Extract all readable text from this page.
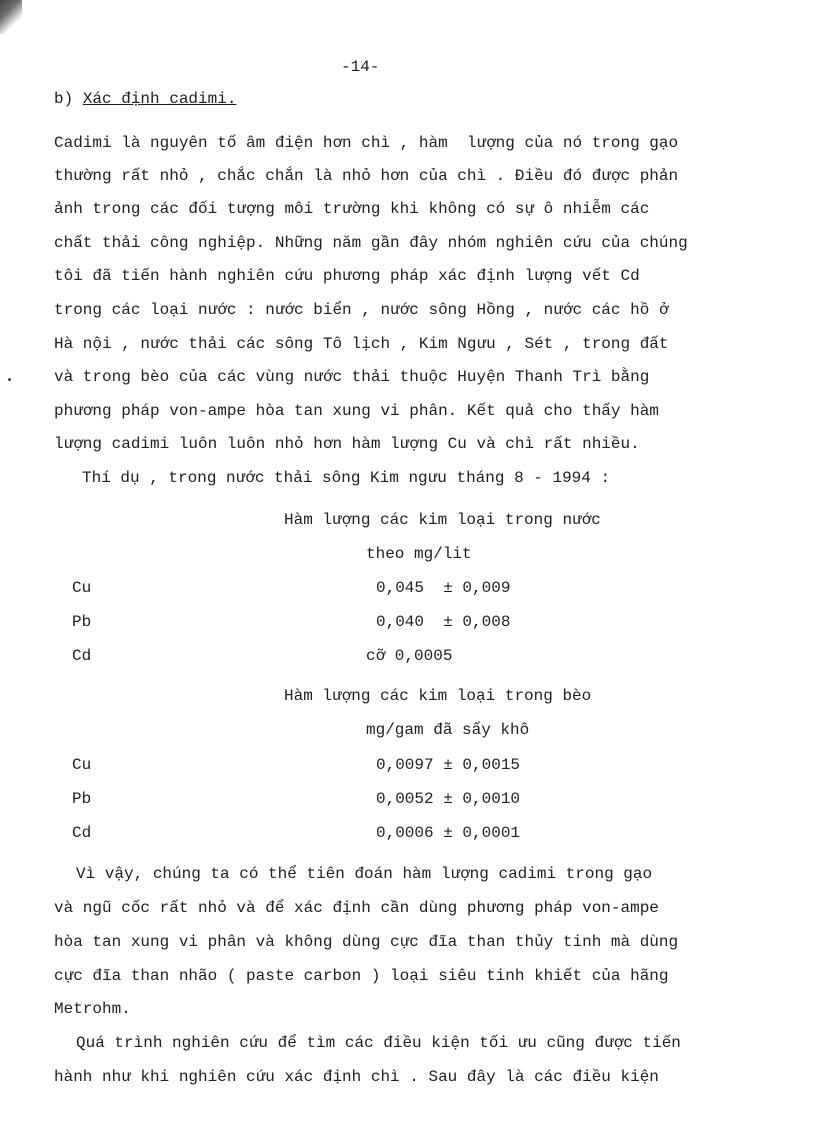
-14-
b) Xác định cadimi.
Cadimi là nguyên tố âm điện hơn chì , hàm  lượng của nó trong gạo
thường rất nhỏ , chắc chắn là nhỏ hơn của chì . Điều đó được phản
ảnh trong các đối tượng môi trường khi không có sự ô nhiễm các
chất thải công nghiệp. Những năm gần đây nhóm nghiên cứu của chúng
tôi đã tiến hành nghiên cứu phương pháp xác định lượng vết Cd
trong các loại nước : nước biển , nước sông Hồng , nước các hồ ở
Hà nội , nước thải các sông Tô lịch , Kim Ngưu , Sét , trong đất
và trong bèo của các vùng nước thải thuộc Huyện Thanh Trì bằng
phương pháp von-ampe hòa tan xung vi phân. Kết quả cho thấy hàm
lượng cadimi luôn luôn nhỏ hơn hàm lượng Cu và chì rất nhiều.
Thí dụ , trong nước thải sông Kim ngưu tháng 8 - 1994 :
Hàm lượng các kim loại trong nước
theo mg/lit
Cu	0,045  ± 0,009
Pb	0,040  ± 0,008
Cd	cỡ 0,0005
Hàm lượng các kim loại trong bèo
mg/gam đã sấy khô
Cu	0,0097 ± 0,0015
Pb	0,0052 ± 0,0010
Cd	0,0006 ± 0,0001
Vì vậy, chúng ta có thể tiên đoán hàm lượng cadimi trong gạo
và ngũ cốc rất nhỏ và để xác định cần dùng phương pháp von-ampe
hòa tan xung vi phân và không dùng cực đĩa than thủy tinh mà dùng
cực đĩa than nhão ( paste carbon ) loại siêu tinh khiết của hãng
Metrohm.
Quá trình nghiên cứu để tìm các điều kiện tối ưu cũng được tiến
hành như khi nghiên cứu xác định chì . Sau đây là các điều kiện
